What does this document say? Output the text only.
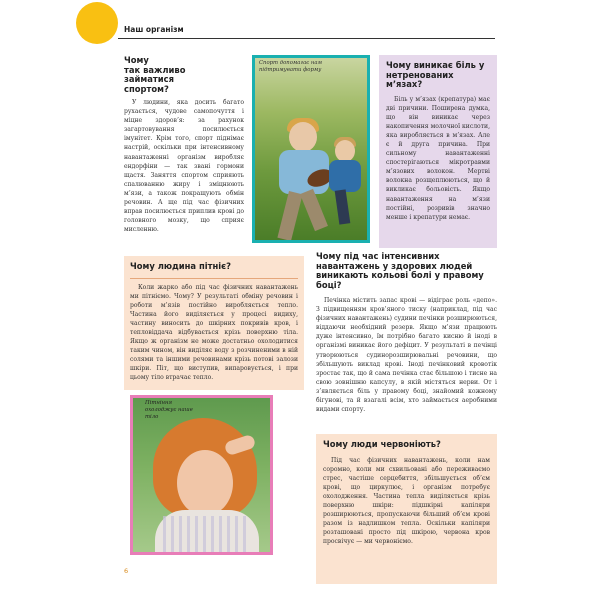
Наш організм
Чому
так важливо
займатися
спортом?

У людини, яка досить багато рухається, чудове самопочуття і міцне здоров’я: за рахунок загартовування посилюється імунітет. Крім того, спорт піднімає настрій, оскільки при інтенсивному навантаженні організм виробляє ендорфіни — так звані гормони щастя. Заняття спортом сприяють спалюванню жиру і зміцнюють м’язи, а також покращують обмін речовин. А ще під час фізичних вправ посилюється приплив крові до головного мозку, що сприяє мисленню.

Спорт допомагає нам підтримувати форму	Чому виникає біль у нетренованих м’язах?

Біль у м’язах (крепатура) має дві причини. Поширена думка, що він виникає через накопичення молочної кислоти, яка виробляється в м’язах. Але є й друга причина. При сильному навантаженні спостерігаються мікротравми м’язових волокон. Мертві волокна розщеплюються, що й викликає больовість. Якщо навантаження на м’язи постійні, розривів значно менше і крепатури немає.

Чому людина пітніє?

Коли жарко або під час фізичних навантажень ми пітніємо. Чому? У результаті обміну речовин і роботи м’язів постійно виробляється тепло. Частина його виділяється у процесі видиху, частину виносить до шкірних покривів кров, і тепловіддача відбувається крізь поверхню тіла. Якщо ж організм не може достатньо охолодитися таким чином, він виділяє воду з розчиненими в ній солями та іншими речовинами крізь потові залози шкіри. Піт, що виступив, випаровується, і при цьому тіло втрачає тепло.

Пітніння охолоджує наше тіло
Чому під час інтенсивних навантажень у здорових людей виникають кольові болі у правому боці?

Печінка містить запас крові — відіграє роль «депо». З підвищенням кров’яного тиску (наприклад, під час фізичних навантажень) судини печінки розширюються, віддаючи необхідний резерв. Якщо м’язи працюють дуже інтенсивно, їм потрібно багато кисню й іноді в організмі виникає його дефіцит. У результаті в печінці утворюються судинорозширювальні речовини, що збільшують виклад крові. Іноді печінковий кровотік зростає так, що й сама печінка стає більшою і тисне на свою зовнішню капсулу, в якій містяться нерви. От і з’являється біль у правому боці, знайомий кожному бігунові, та й взагалі всім, хто займається аеробними видами спорту.

Чому люди червоніють?

Під час фізичних навантажень, коли нам соромно, коли ми схвильовані або переживаємо стрес, частіше серцебиття, збільшується об’єм крові, що циркулює, і організм потребує охолодження. Частина тепла виділяється крізь поверхню шкіри: підшкірні капіляри розширюються, пропускаючи більший об’єм крові разом із надлишком тепла. Оскільки капіляри розташовані просто під шкірою, червона кров просвічує — ми червоніємо.

6
